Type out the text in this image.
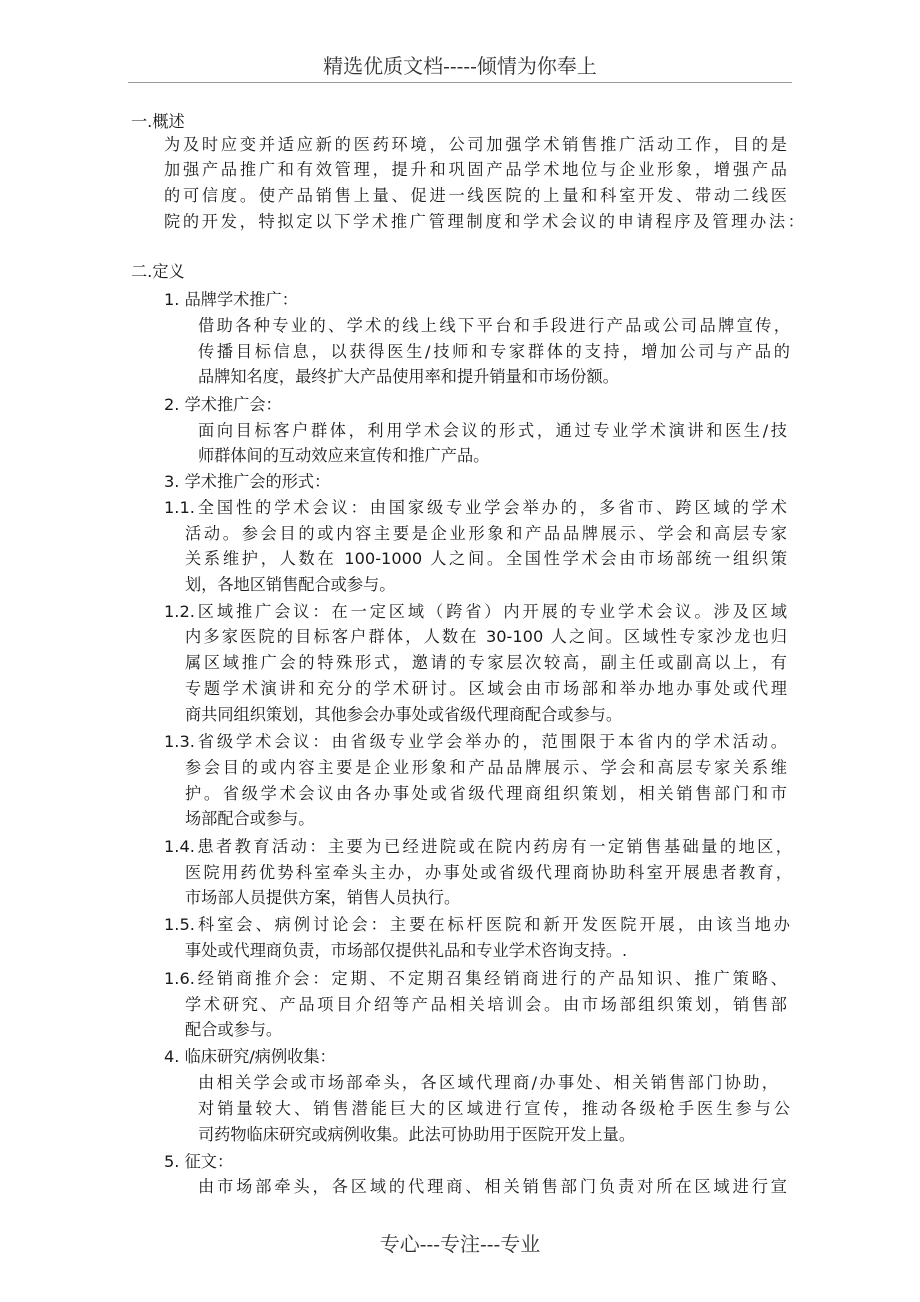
精选优质文档-----倾情为你奉上
一.概述
为及时应变并适应新的医药环境，公司加强学术销售推广活动工作，目的是
加强产品推广和有效管理，提升和巩固产品学术地位与企业形象，增强产品
的可信度。使产品销售上量、促进一线医院的上量和科室开发、带动二线医
院的开发，特拟定以下学术推广管理制度和学术会议的申请程序及管理办法：
二.定义
1. 品牌学术推广：
借助各种专业的、学术的线上线下平台和手段进行产品或公司品牌宣传，
传播目标信息，以获得医生/技师和专家群体的支持，增加公司与产品的
品牌知名度，最终扩大产品使用率和提升销量和市场份额。
2. 学术推广会：
面向目标客户群体，利用学术会议的形式，通过专业学术演讲和医生/技
师群体间的互动效应来宣传和推广产品。
3. 学术推广会的形式：
1.1.全国性的学术会议：由国家级专业学会举办的，多省市、跨区域的学术
活动。参会目的或内容主要是企业形象和产品品牌展示、学会和高层专家
关系维护，人数在 100-1000 人之间。全国性学术会由市场部统一组织策
划，各地区销售配合或参与。
1.2.区域推广会议：在一定区域（跨省）内开展的专业学术会议。涉及区域
内多家医院的目标客户群体，人数在 30-100 人之间。区域性专家沙龙也归
属区域推广会的特殊形式，邀请的专家层次较高，副主任或副高以上，有
专题学术演讲和充分的学术研讨。区域会由市场部和举办地办事处或代理
商共同组织策划，其他参会办事处或省级代理商配合或参与。
1.3.省级学术会议：由省级专业学会举办的，范围限于本省内的学术活动。
参会目的或内容主要是企业形象和产品品牌展示、学会和高层专家关系维
护。省级学术会议由各办事处或省级代理商组织策划，相关销售部门和市
场部配合或参与。
1.4.患者教育活动：主要为已经进院或在院内药房有一定销售基础量的地区，
医院用药优势科室牵头主办，办事处或省级代理商协助科室开展患者教育，
市场部人员提供方案，销售人员执行。
1.5.科室会、病例讨论会：主要在标杆医院和新开发医院开展，由该当地办
事处或代理商负责，市场部仅提供礼品和专业学术咨询支持。.
1.6.经销商推介会：定期、不定期召集经销商进行的产品知识、推广策略、
学术研究、产品项目介绍等产品相关培训会。由市场部组织策划，销售部
配合或参与。
4. 临床研究/病例收集：
由相关学会或市场部牵头，各区域代理商/办事处、相关销售部门协助，
对销量较大、销售潜能巨大的区域进行宣传，推动各级枪手医生参与公
司药物临床研究或病例收集。此法可协助用于医院开发上量。
5. 征文：
由市场部牵头，各区域的代理商、相关销售部门负责对所在区域进行宣
专心---专注---专业
